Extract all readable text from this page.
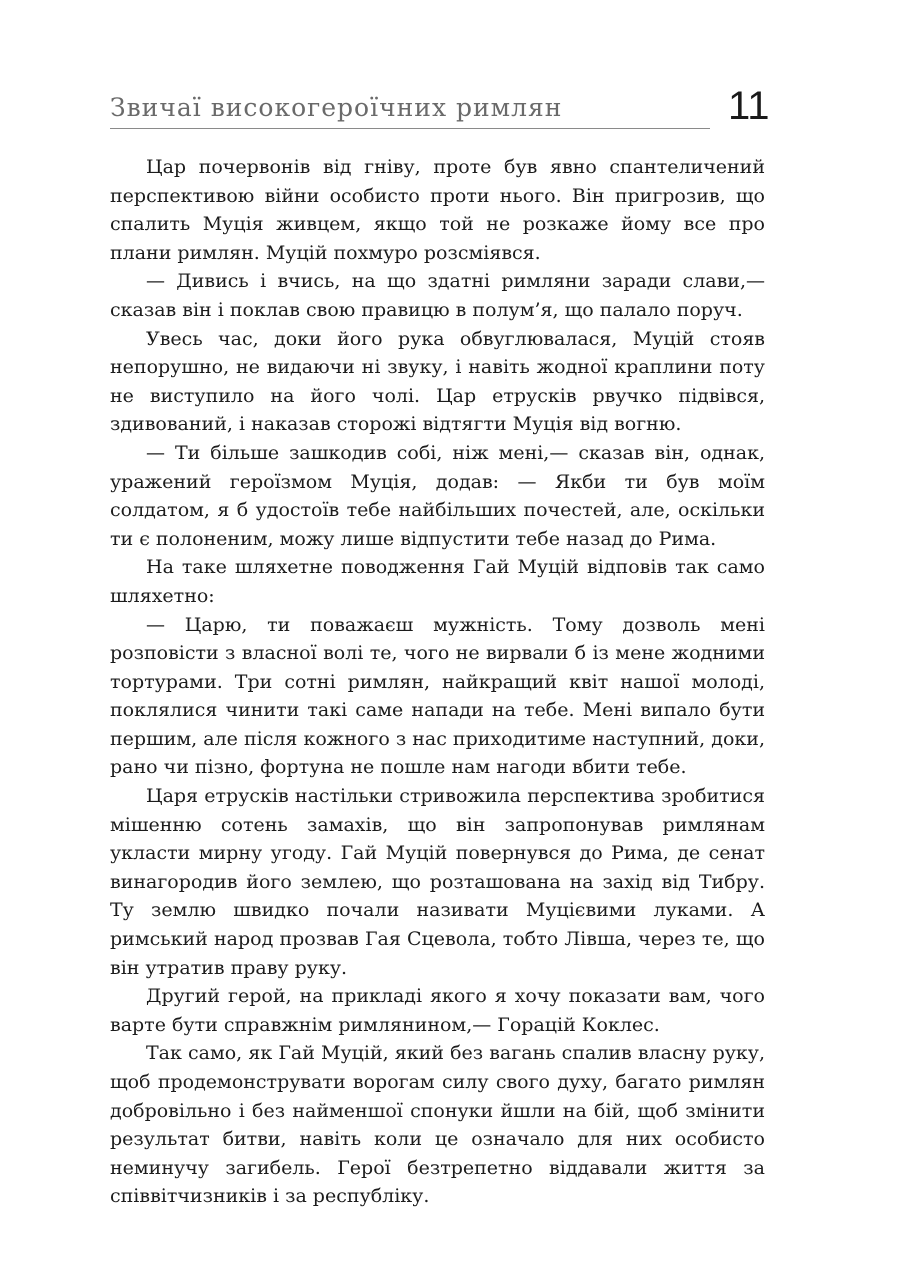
Звичаї високогероїчних римлян	11

Цар почервонів від гніву, проте був явно спантеличений перспективою війни особисто проти нього. Він пригрозив, що спалить Муція живцем, якщо той не розкаже йому все про плани римлян. Муцій похмуро розсміявся.

— Дивись і вчись, на що здатні римляни заради слави,— сказав він і поклав свою правицю в полум’я, що палало поруч.

Увесь час, доки його рука обвуглювалася, Муцій стояв непорушно, не видаючи ні звуку, і навіть жодної краплини поту не виступило на його чолі. Цар етрусків рвучко підвівся, здивований, і наказав сторожі відтягти Муція від вогню.

— Ти більше зашкодив собі, ніж мені,— сказав він, однак, уражений героїзмом Муція, додав: — Якби ти був моїм солдатом, я б удостоїв тебе найбільших почестей, але, оскільки ти є полоненим, можу лише відпустити тебе назад до Рима.

На таке шляхетне поводження Гай Муцій відповів так само шляхетно:

— Царю, ти поважаєш мужність. Тому дозволь мені розповісти з власної волі те, чого не вирвали б із мене жодними тортурами. Три сотні римлян, найкращий квіт нашої молоді, поклялися чинити такі саме напади на тебе. Мені випало бути першим, але після кожного з нас приходитиме наступний, доки, рано чи пізно, фортуна не пошле нам нагоди вбити тебе.

Царя етрусків настільки стривожила перспектива зробитися мішенню сотень замахів, що він запропонував римлянам укласти мирну угоду. Гай Муцій повернувся до Рима, де сенат винагородив його землею, що розташована на захід від Тибру. Ту землю швидко почали називати Муцієвими луками. А римський народ прозвав Гая Сцевола, тобто Лівша, через те, що він утратив праву руку.

Другий герой, на прикладі якого я хочу показати вам, чого варте бути справжнім римлянином,— Горацій Коклес.

Так само, як Гай Муцій, який без вагань спалив власну руку, щоб продемонструвати ворогам силу свого духу, багато римлян добровільно і без найменшої спонуки йшли на бій, щоб змінити результат битви, навіть коли це означало для них особисто неминучу загибель. Герої безтрепетно віддавали життя за співвітчизників і за республіку.
